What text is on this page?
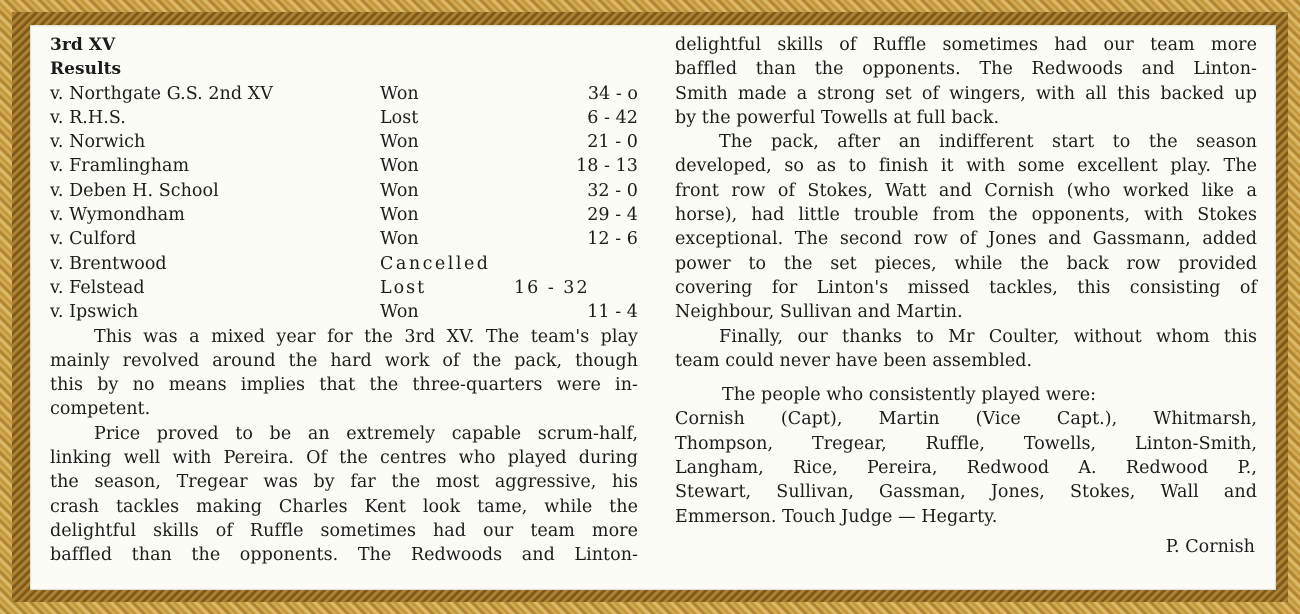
3rd XV
Results
v. Northgate G.S. 2nd XV	Won	34 - o
v. R.H.S.	Lost	6 - 42
v. Norwich	Won	21 - 0
v. Framlingham	Won	18 - 13
v. Deben H. School	Won	32 - 0
v. Wymondham	Won	29 - 4
v. Culford	Won	12 - 6
v. Brentwood	Cancelled
v. Felstead	Lost	16 - 32
v. Ipswich	Won	11 - 4
This was a mixed year for the 3rd XV. The team's play
mainly revolved around the hard work of the pack, though
this by no means implies that the three-quarters were in-
competent.
Price proved to be an extremely capable scrum-half,
linking well with Pereira. Of the centres who played during
the season, Tregear was by far the most aggressive, his
crash tackles making Charles Kent look tame, while the
delightful skills of Ruffle sometimes had our team more
baffled than the opponents. The Redwoods and Linton-
delightful skills of Ruffle sometimes had our team more
baffled than the opponents. The Redwoods and Linton-
Smith made a strong set of wingers, with all this backed up
by the powerful Towells at full back.
The pack, after an indifferent start to the season
developed, so as to finish it with some excellent play. The
front row of Stokes, Watt and Cornish (who worked like a
horse), had little trouble from the opponents, with Stokes
exceptional. The second row of Jones and Gassmann, added
power to the set pieces, while the back row provided
covering for Linton's missed tackles, this consisting of
Neighbour, Sullivan and Martin.
Finally, our thanks to Mr Coulter, without whom this
team could never have been assembled.
The people who consistently played were:
Cornish (Capt), Martin (Vice Capt.), Whitmarsh,
Thompson, Tregear, Ruffle, Towells, Linton-Smith,
Langham, Rice, Pereira, Redwood A. Redwood P.,
Stewart, Sullivan, Gassman, Jones, Stokes, Wall and
Emmerson. Touch Judge — Hegarty.
P. Cornish
